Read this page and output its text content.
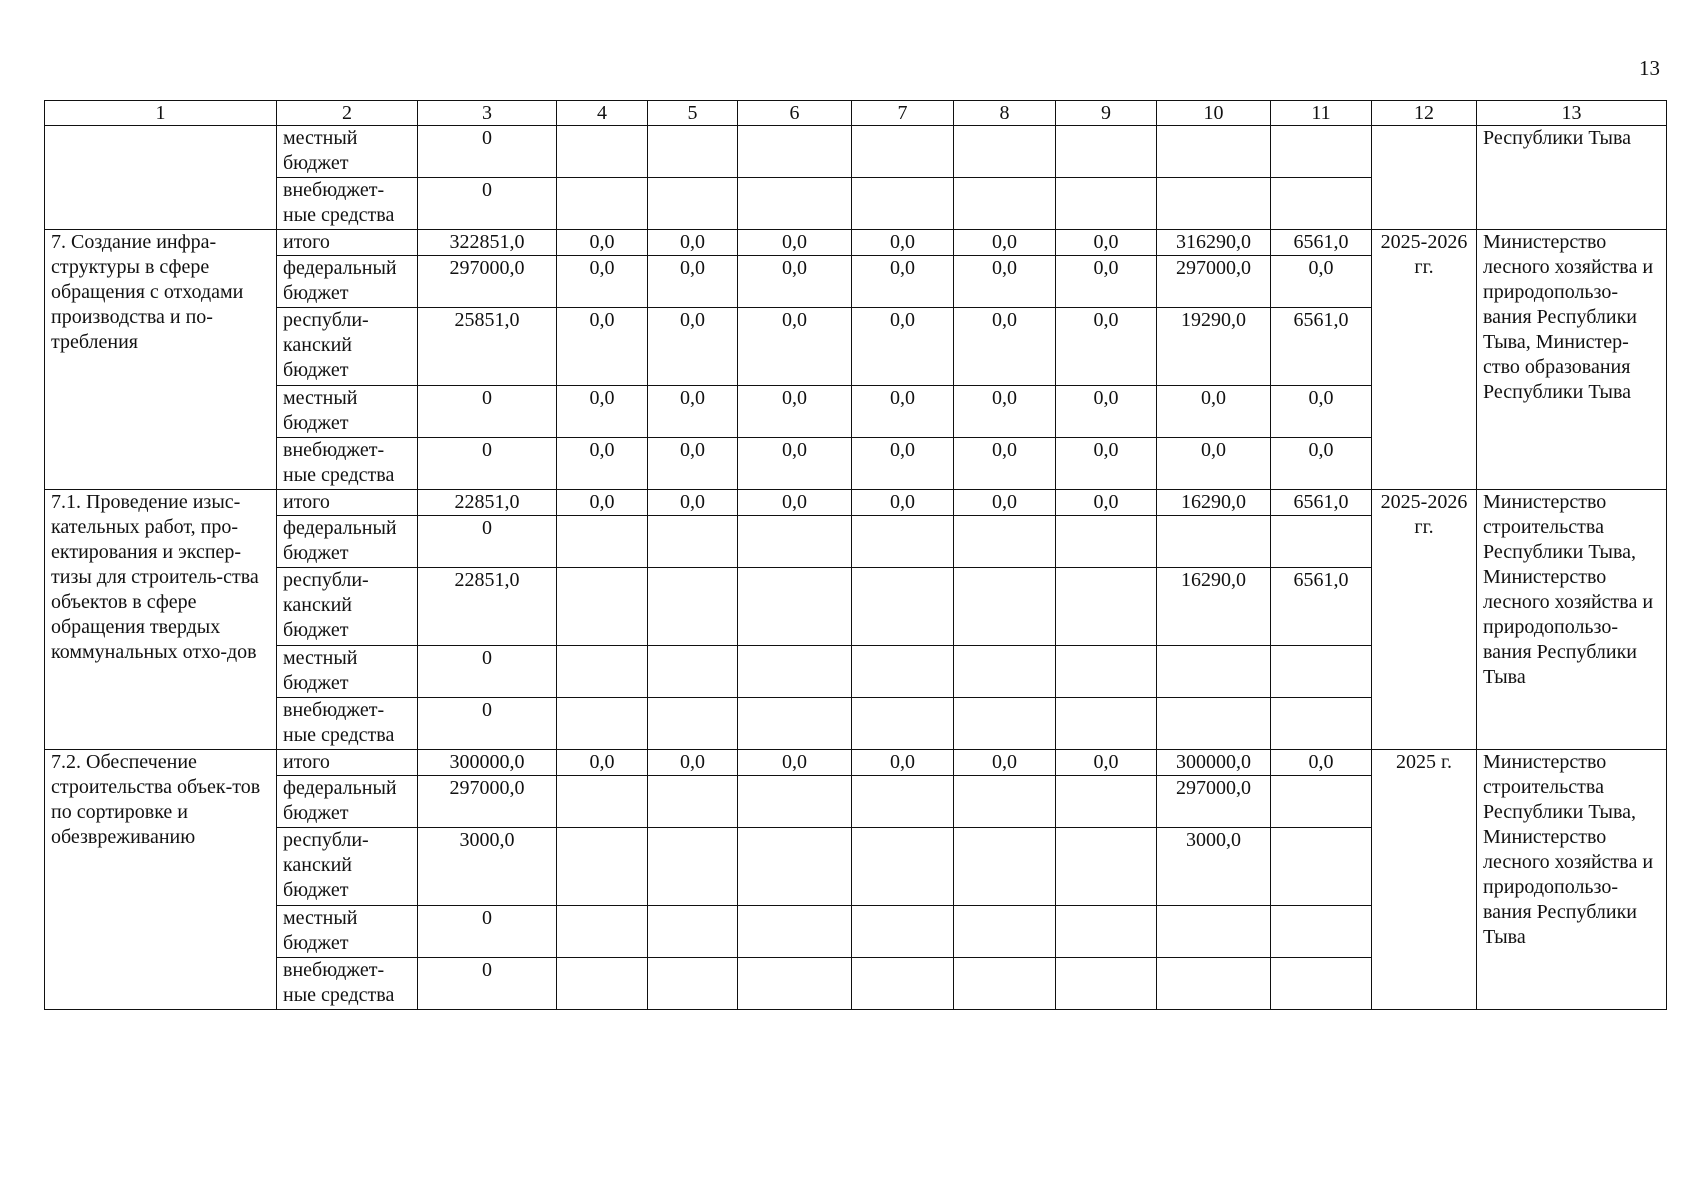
13
1	2	3	4	5	6	7	8	9	10	11	12	13
	местный бюджет	0										Республики Тыва
	внебюджет-ные средства	0										
7. Создание инфра-структуры в сфере обращения с отходами производства и по-требления	итого	322851,0	0,0	0,0	0,0	0,0	0,0	0,0	316290,0	6561,0	2025-2026 гг.	Министерство лесного хозяйства и природопользо-вания Республики Тыва, Министер-ство образования Республики Тыва
	федеральный бюджет	297000,0	0,0	0,0	0,0	0,0	0,0	0,0	297000,0	0,0		
	республи-канский бюджет	25851,0	0,0	0,0	0,0	0,0	0,0	0,0	19290,0	6561,0		
	местный бюджет	0	0,0	0,0	0,0	0,0	0,0	0,0	0,0	0,0		
	внебюджет-ные средства	0	0,0	0,0	0,0	0,0	0,0	0,0	0,0	0,0		
7.1. Проведение изыс-кательных работ, про-ектирования и экспер-тизы для строитель-ства объектов в сфере обращения твердых коммунальных отхо-дов	итого	22851,0	0,0	0,0	0,0	0,0	0,0	0,0	16290,0	6561,0	2025-2026 гг.	Министерство строительства Республики Тыва, Министерство лесного хозяйства и природопользо-вания Республики Тыва
	федеральный бюджет	0										
	республи-канский бюджет	22851,0							16290,0	6561,0		
	местный бюджет	0										
	внебюджет-ные средства	0										
7.2. Обеспечение строительства объек-тов по сортировке и обезвреживанию	итого	300000,0	0,0	0,0	0,0	0,0	0,0	0,0	300000,0	0,0	2025 г.	Министерство строительства Республики Тыва, Министерство лесного хозяйства и природопользо-вания Республики Тыва
	федеральный бюджет	297000,0							297000,0			
	республи-канский бюджет	3000,0							3000,0			
	местный бюджет	0										
	внебюджет-ные средства	0										
